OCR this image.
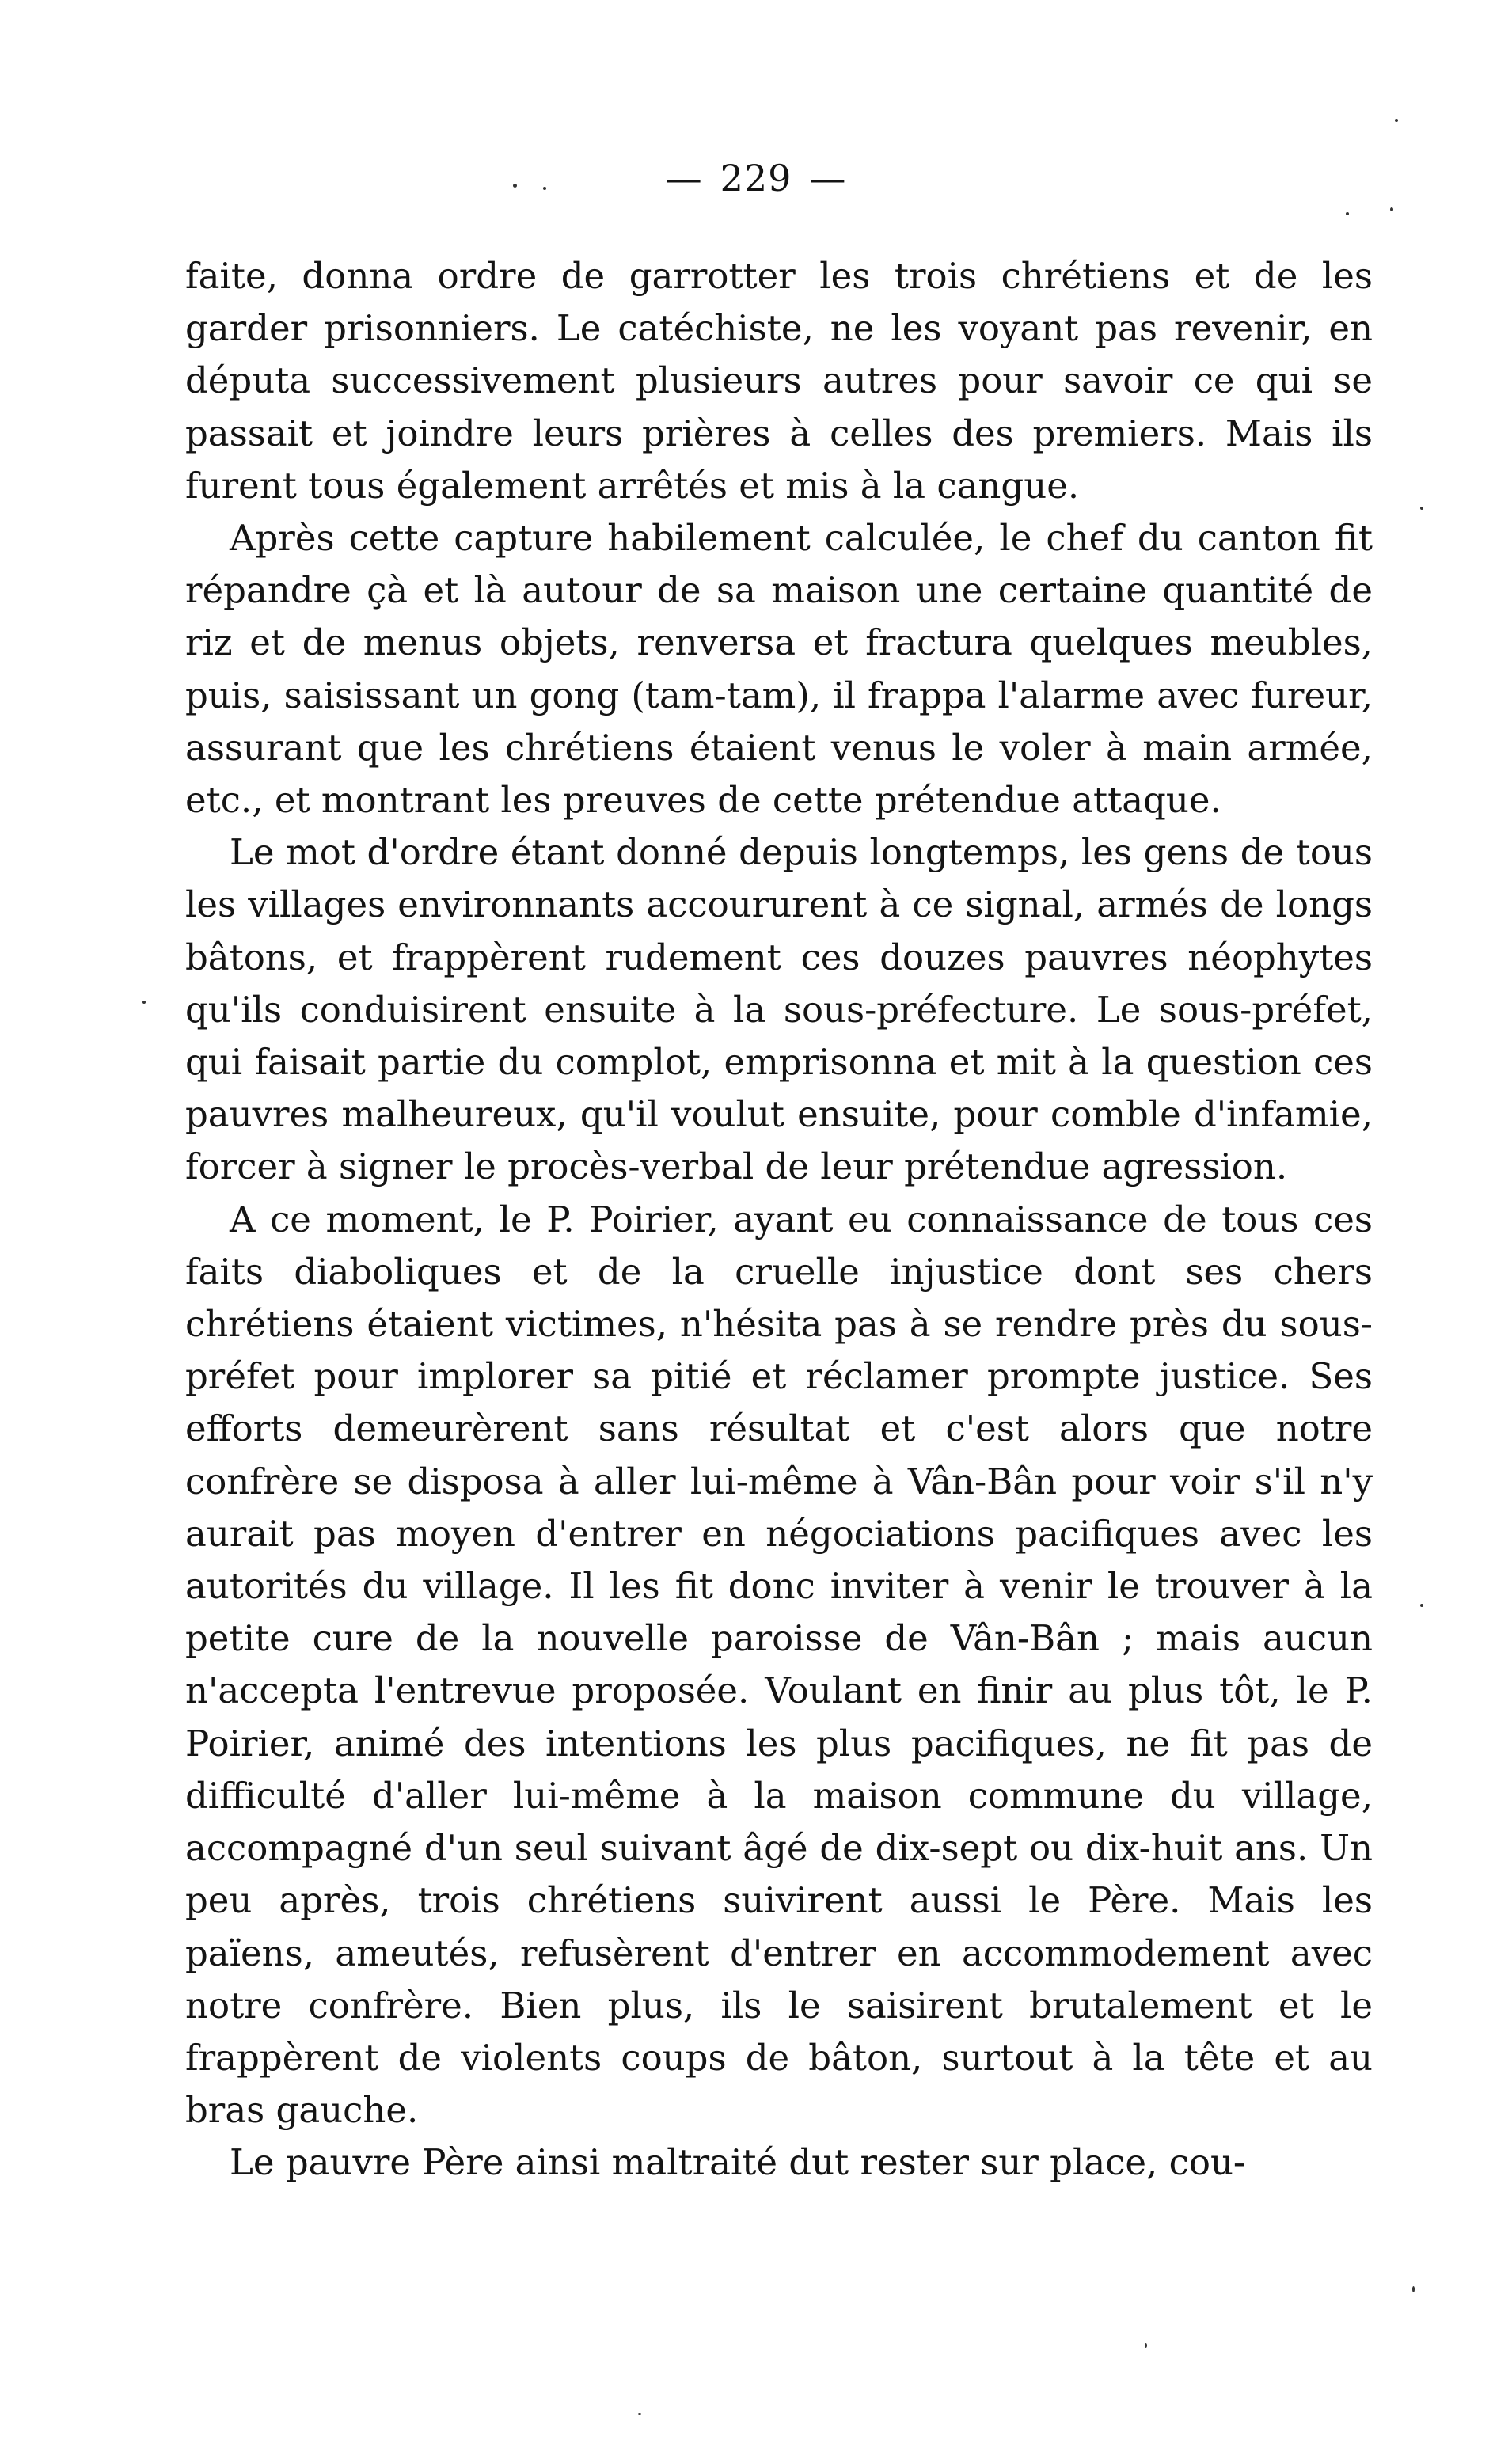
— 229 —

faite, donna ordre de garrotter les trois chrétiens et de les garder prisonniers. Le catéchiste, ne les voyant pas revenir, en députa successivement plusieurs autres pour savoir ce qui se passait et joindre leurs prières à celles des premiers. Mais ils furent tous également arrêtés et mis à la cangue.

Après cette capture habilement calculée, le chef du canton fit répandre çà et là autour de sa maison une certaine quantité de riz et de menus objets, renversa et fractura quelques meubles, puis, saisissant un gong (tam-tam), il frappa l'alarme avec fureur, assurant que les chrétiens étaient venus le voler à main armée, etc., et montrant les preuves de cette prétendue attaque.

Le mot d'ordre étant donné depuis longtemps, les gens de tous les villages environnants accoururent à ce signal, armés de longs bâtons, et frappèrent rudement ces douzes pauvres néophytes qu'ils conduisirent ensuite à la sous-préfecture. Le sous-préfet, qui faisait partie du complot, emprisonna et mit à la question ces pauvres malheureux, qu'il voulut ensuite, pour comble d'infamie, forcer à signer le procès-verbal de leur prétendue agression.

A ce moment, le P. Poirier, ayant eu connaissance de tous ces faits diaboliques et de la cruelle injustice dont ses chers chrétiens étaient victimes, n'hésita pas à se rendre près du sous-préfet pour implorer sa pitié et réclamer prompte justice. Ses efforts demeurèrent sans résultat et c'est alors que notre confrère se disposa à aller lui-même à Vân-Bân pour voir s'il n'y aurait pas moyen d'entrer en négociations pacifiques avec les autorités du village. Il les fit donc inviter à venir le trouver à la petite cure de la nouvelle paroisse de Vân-Bân ; mais aucun n'accepta l'entrevue proposée. Voulant en finir au plus tôt, le P. Poirier, animé des intentions les plus pacifiques, ne fit pas de difficulté d'aller lui-même à la maison commune du village, accompagné d'un seul suivant âgé de dix-sept ou dix-huit ans. Un peu après, trois chrétiens suivirent aussi le Père. Mais les païens, ameutés, refusèrent d'entrer en accommodement avec notre confrère. Bien plus, ils le saisirent brutalement et le frappèrent de violents coups de bâton, surtout à la tête et au bras gauche.

Le pauvre Père ainsi maltraité dut rester sur place, cou-
